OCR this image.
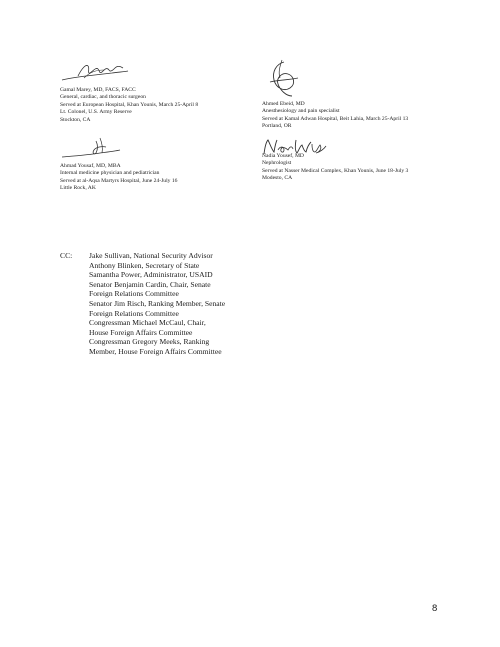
Gamal Marey, MD, FACS, FACC
General, cardiac, and thoracic surgeon
Served at European Hospital, Khan Younis, March 25-April 8
Lt. Colonel, U.S. Army Reserve
Stockton, CA
Ahmed Ebeid, MD
Anesthesiology and pain specialist
Served at Kamal Adwan Hospital, Beit Lahia, March 25-April 13
Portland, OR
Nadia Yousef, MD
Nephrologist
Served at Nasser Medical Complex, Khan Younis, June 18-July 3
Modesto, CA
Ahmad Yousaf, MD, MBA
Internal medicine physician and pediatrician
Served at al-Aqsa Martyrs Hospital, June 24-July 16
Little Rock, AK
CC: Jake Sullivan, National Security Advisor
Anthony Blinken, Secretary of State
Samantha Power, Administrator, USAID
Senator Benjamin Cardin, Chair, Senate
Foreign Relations Committee
Senator Jim Risch, Ranking Member, Senate
Foreign Relations Committee
Congressman Michael McCaul, Chair,
House Foreign Affairs Committee
Congressman Gregory Meeks, Ranking
Member, House Foreign Affairs Committee
8
